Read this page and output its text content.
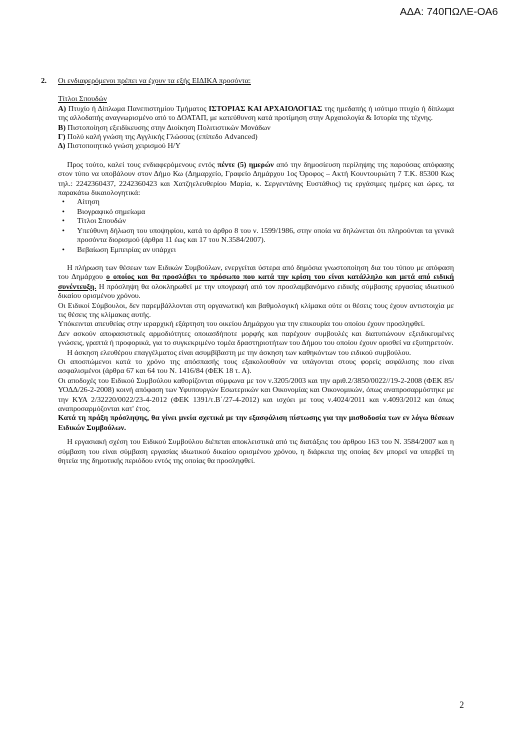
ΑΔΑ: 740ΠΩΛΕ-ΟΑ6

2. Οι ενδιαφερόμενοι πρέπει να έχουν τα εξής ΕΙΔΙΚΑ προσόντα:

Τίτλοι Σπουδών

Α) Πτυχίο ή Δίπλωμα Πανεπιστημίου Τμήματος ΙΣΤΟΡΙΑΣ ΚΑΙ ΑΡΧΑΙΟΛΟΓΙΑΣ της ημεδαπής ή ισότιμο πτυχίο ή δίπλωμα της αλλοδαπής αναγνωρισμένο από το ΔΟΑΤΑΠ, με κατεύθυνση κατά προτίμηση στην Αρχαιολογία & Ιστορία της τέχνης.

Β) Πιστοποίηση εξειδίκευσης στην Διοίκηση Πολιτιστικών Μονάδων

Γ) Πολύ καλή γνώση της Αγγλικής Γλώσσας (επίπεδο Advanced)

Δ) Πιστοποιητικό γνώση χειρισμού Η/Υ

Προς τούτο, καλεί τους ενδιαφερόμενους εντός πέντε (5) ημερών από την δημοσίευση περίληψης της παρούσας απόφασης στον τύπο να υποβάλουν στον Δήμο Κω (Δημαρχείο, Γραφείο Δημάρχου 1ος Όροφος – Ακτή Κουντουριώτη 7 Τ.Κ. 85300 Κως τηλ.: 2242360437, 2242360423 και Χατζηελευθερίου Μαρία, κ. Σεργεντάνης Ευστάθιος) τις εργάσιμες ημέρες και ώρες, τα παρακάτω δικαιολογητικά:

• Αίτηση
• Βιογραφικό σημείωμα
• Τίτλοι Σπουδών
• Υπεύθυνη δήλωση του υποψηφίου, κατά το άρθρο 8 του ν. 1599/1986, στην οποία να δηλώνεται ότι πληρούνται τα γενικά προσόντα διορισμού (άρθρα 11 έως και 17 του Ν.3584/2007).
• Βεβαίωση Εμπειρίας αν υπάρχει

Η πλήρωση των θέσεων των Ειδικών Συμβούλων, ενεργείται ύστερα από δημόσια γνωστοποίηση δια του τύπου με απόφαση του Δημάρχου ο οποίος και θα προσλάβει το πρόσωπο που κατά την κρίση του είναι κατάλληλο και μετά από ειδική συνέντευξη. Η πρόσληψη θα ολοκληρωθεί με την υπογραφή από τον προσλαμβανόμενο ειδικής σύμβασης εργασίας ιδιωτικού δικαίου ορισμένου χρόνου.

Οι Ειδικοί Σύμβουλοι, δεν παρεμβάλλονται στη οργανωτική και βαθμολογική κλίμακα ούτε οι θέσεις τους έχουν αντιστοιχία με τις θέσεις της κλίμακας αυτής.

Υπόκεινται απευθείας στην ιεραρχική εξάρτηση του οικείου Δημάρχου για την επικουρία του οποίου έχουν προσληφθεί.

Δεν ασκούν αποφασιστικές αρμοδιότητες οποιασδήποτε μορφής και παρέχουν συμβουλές και διατυπώνουν εξειδικευμένες γνώσεις, γραπτά ή προφορικά, για το συγκεκριμένο τομέα δραστηριοτήτων του Δήμου του οποίου έχουν ορισθεί να εξυπηρετούν.

Η άσκηση ελευθέρου επαγγέλματος είναι ασυμβίβαστη με την άσκηση των καθηκόντων του ειδικού συμβούλου.

Οι αποσπώμενοι κατά το χρόνο της απόσπασής τους εξακολουθούν να υπάγονται στους φορείς ασφάλισης που είναι ασφαλισμένοι (άρθρα 67 και 64 του Ν. 1416/84 (ΦΕΚ 18 τ. Α).

Οι αποδοχές του Ειδικού Συμβούλου καθορίζονται σύμφωνα με τον ν.3205/2003 και την αριθ.2/3850/0022//19-2-2008 (ΦΕΚ 85/ΥΟΔΔ/26-2-2008) κοινή απόφαση των Υφυπουργών Εσωτερικών και Οικονομίας και Οικονομικών, όπως αναπροσαρμόστηκε με την ΚΥΑ 2/32220/0022/23-4-2012 (ΦΕΚ 1391/τ.Β΄/27-4-2012) και ισχύει με τους ν.4024/2011 και ν.4093/2012 και όπως αναπροσαρμόζονται κατ' έτος.

Κατά τη πράξη πρόσληψης, θα γίνει μνεία σχετικά με την εξασφάλιση πίστωσης για την μισθοδοσία των εν λόγω θέσεων Ειδικών Συμβούλων.

Η εργασιακή σχέση του Ειδικού Συμβούλου διέπεται αποκλειστικά από τις διατάξεις του άρθρου 163 του Ν. 3584/2007 και η σύμβαση του είναι σύμβαση εργασίας ιδιωτικού δικαίου ορισμένου χρόνου, η διάρκεια της οποίας δεν μπορεί να υπερβεί τη θητεία της δημοτικής περιόδου εντός της οποίας θα προσληφθεί.

2
